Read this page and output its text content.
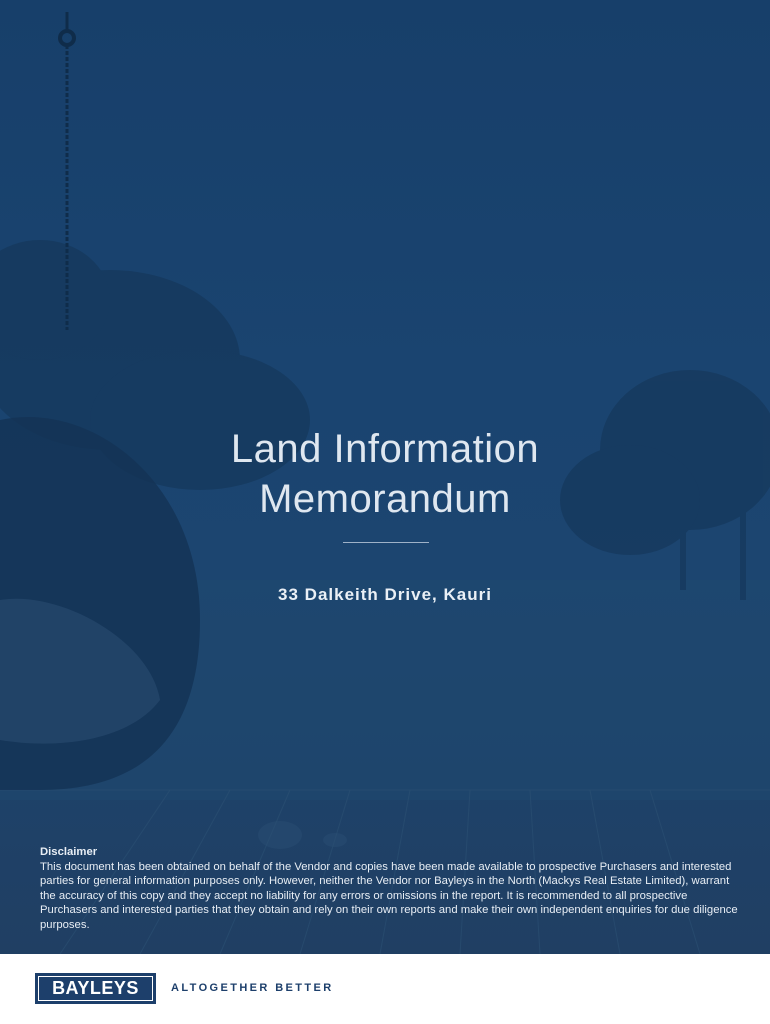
Land Information
Memorandum
33 Dalkeith Drive, Kauri
Disclaimer
This document has been obtained on behalf of the Vendor and copies have been made available to prospective Purchasers and interested parties for general information purposes only. However, neither the Vendor nor Bayleys in the North (Mackys Real Estate Limited), warrant the accuracy of this copy and they accept no liability for any errors or omissions in the report. It is recommended to all prospective Purchasers and interested parties that they obtain and rely on their own reports and make their own independent enquiries for due diligence purposes.
BAYLEYS	ALTOGETHER BETTER
